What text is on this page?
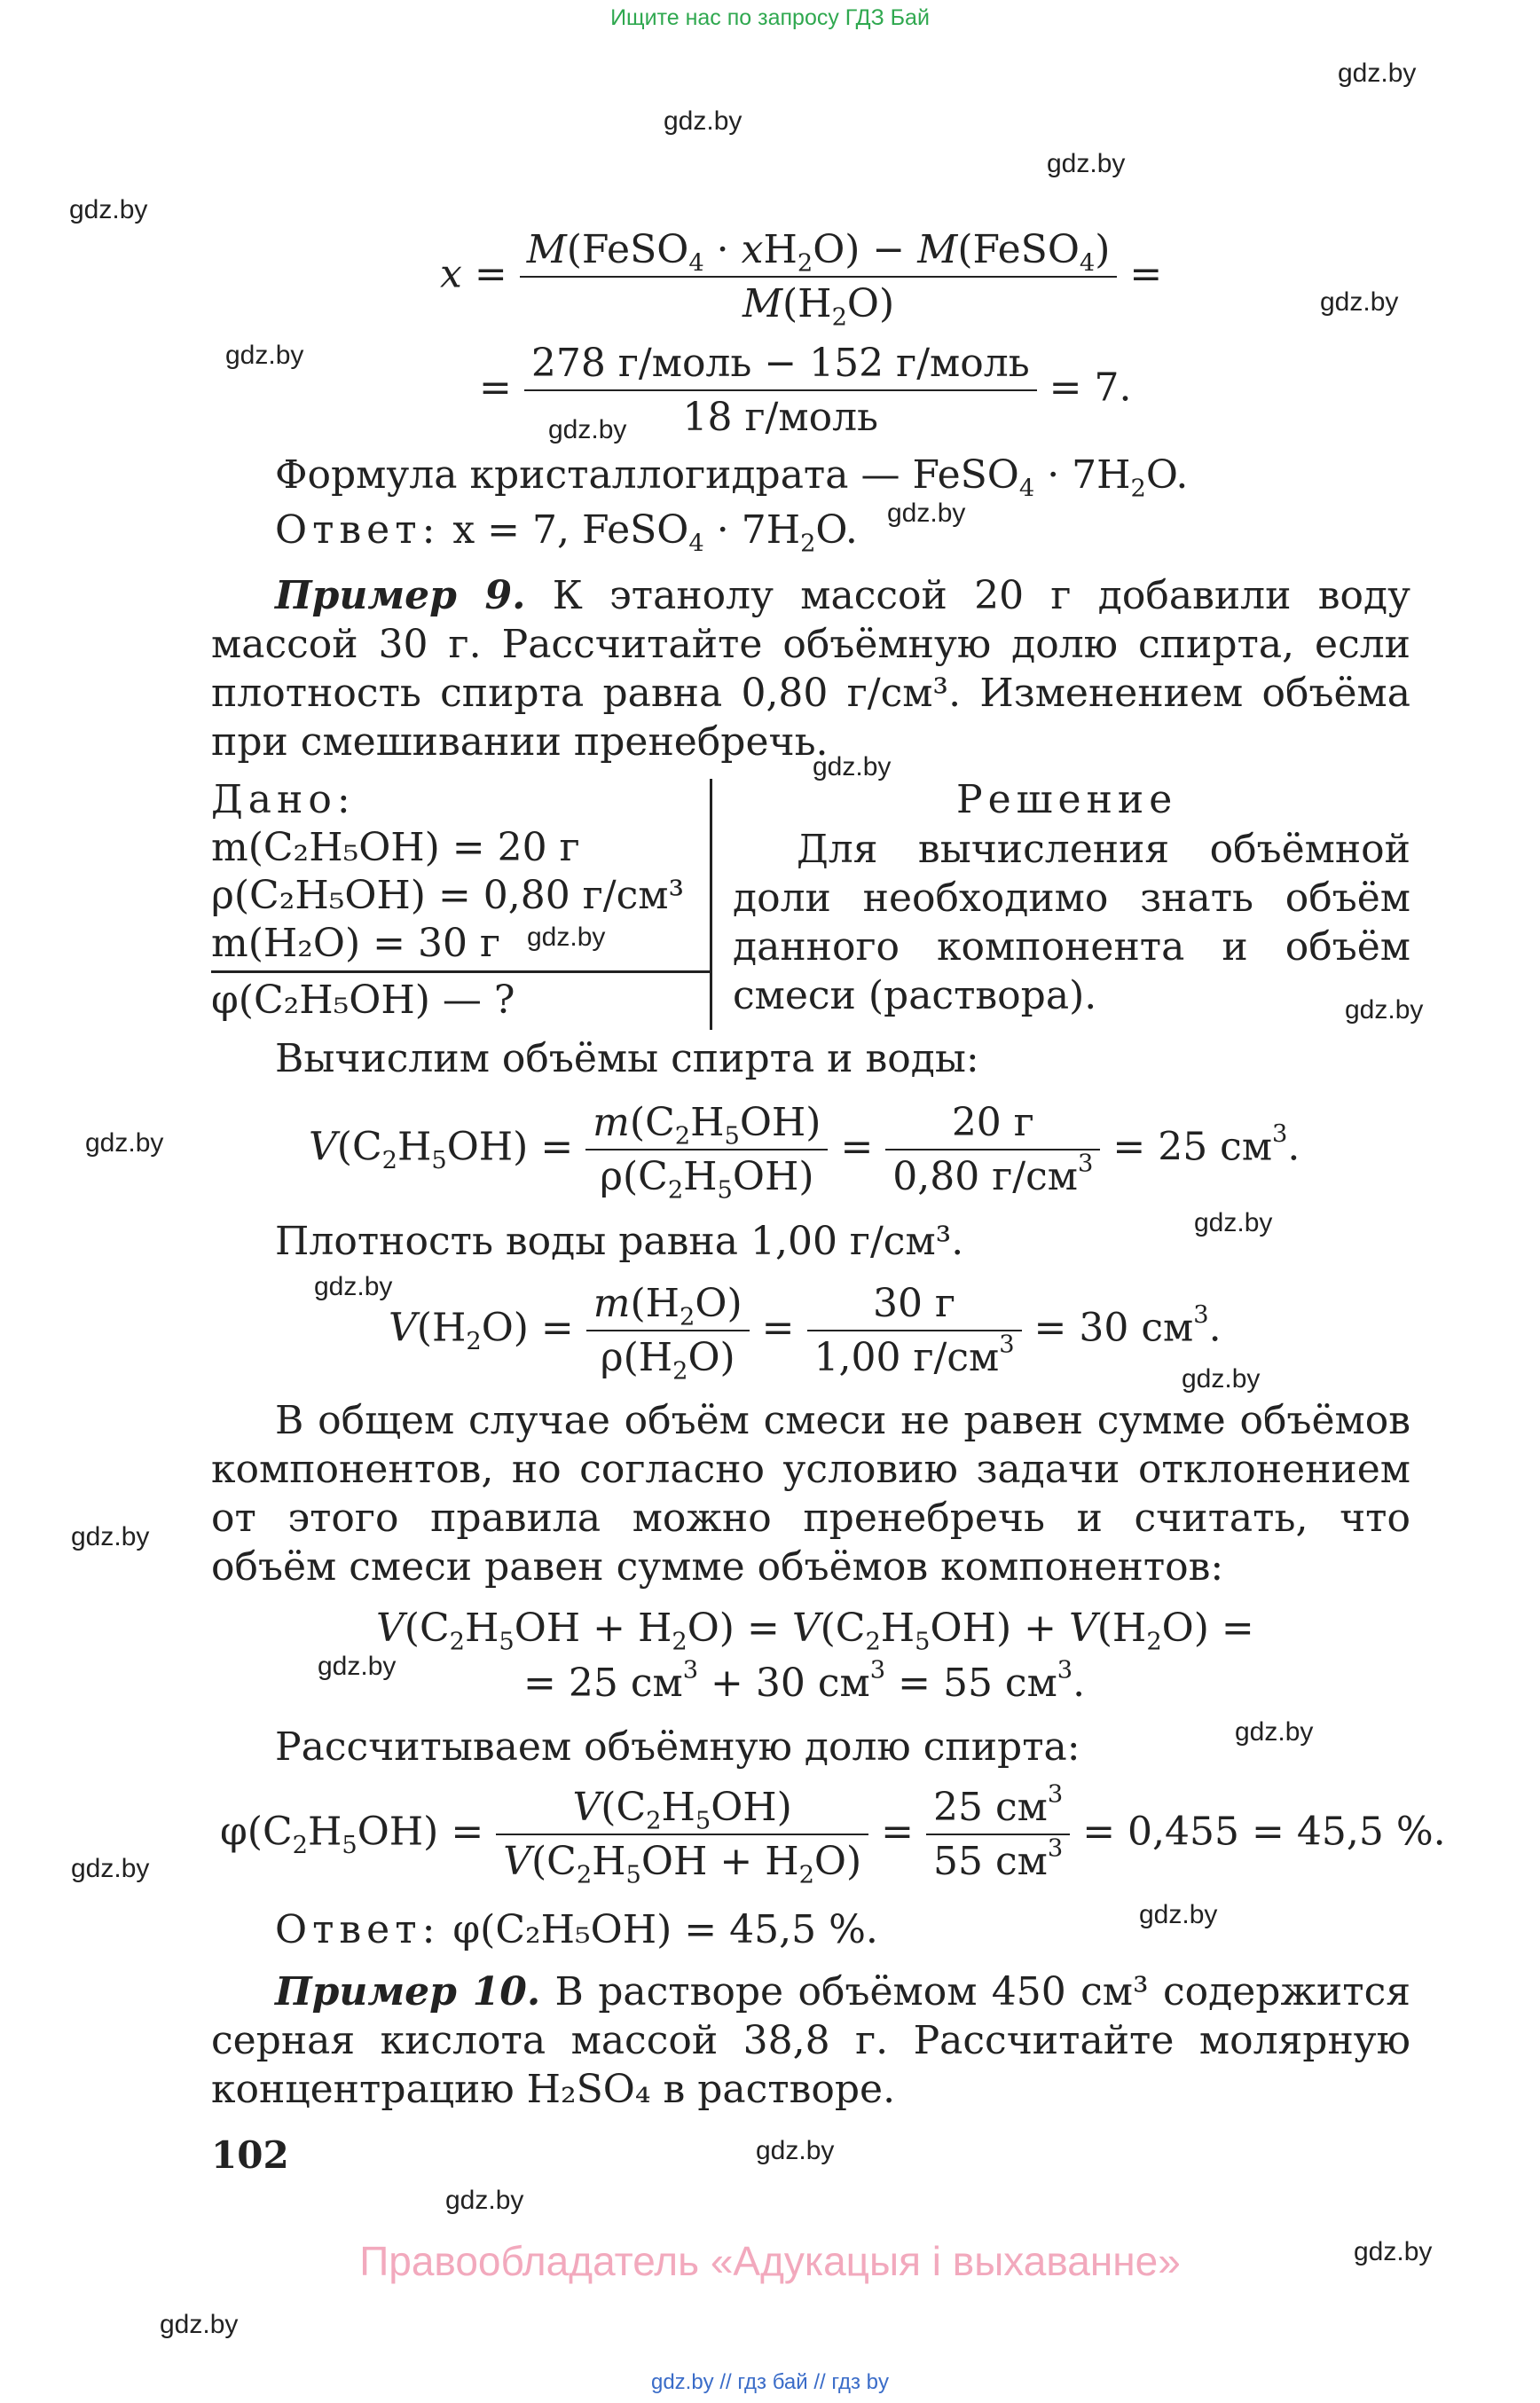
Ищите нас по запросу ГДЗ Бай
gdz.by
gdz.by
gdz.by
gdz.by
gdz.by
gdz.by
gdz.by
gdz.by
gdz.by
gdz.by
gdz.by
gdz.by
gdz.by
gdz.by
gdz.by
gdz.by
gdz.by
gdz.by
gdz.by
gdz.by
gdz.by
gdz.by
gdz.by
gdz.by
$x = \frac{M(FeSO_4 \cdot xH_2O) - M(FeSO_4)}{M(H_2O)}$ =
= $\frac{\text{278 г/моль − 152 г/моль}}{\text{18 г/моль}} = 7$.
Формула кристаллогидрата — FeSO$_4$ · $7H_2O$.
Ответ: x = 7, FeSO$_4$ · $7H_2O$.
Пример 9. К этанолу массой 20 г добавили воду массой 30 г. Рассчитайте объёмную долю спирта, если плотность спирта равна 0,80 г/см³. Изменением объёма при смешивании пренебречь.
Дано:
m(C₂H₅OH) = 20 г
ρ(C₂H₅OH) = 0,80 г/см³
m(H₂O) = 30 г
φ(C₂H₅OH) — ?
Решение
Для вычисления объёмной доли необходимо знать объём данного компонента и объём смеси (раствора).
Вычислим объёмы спирта и воды:
$V(C_2H_5OH) = \frac{m(C_2H_5OH)}{\rho(C_2H_5OH)} = \frac{20 г}{0,80 г/см^3} = 25$ $см^3$.
Плотность воды равна 1,00 г/см³.
$V(H_2O) = \frac{m(H_2O)}{\rho(H_2O)} = \frac{30 г}{1,00 г/см^3} = 30$ $см^3$.
В общем случае объём смеси не равен сумме объёмов компонентов, но согласно условию задачи отклонением от этого правила можно пренебречь и считать, что объём смеси равен сумме объёмов компонентов:
$V(C_2H_5OH + H_2O) = V(C_2H_5OH) + V(H_2O)$ =
= 25 $см^3 + 30$ $см^3 = 55$ $см^3$.
Рассчитываем объёмную долю спирта:
$\varphi(C_2H_5OH) = \frac{V(C_2H_5OH)}{V(C_2H_5OH + H_2O)} = \frac{25 см^3}{55 см^3} = 0,455 = 45,5$ %.
Ответ: φ(C₂H₅OH) = 45,5 %.
Пример 10. В растворе объёмом 450 см³ содержится серная кислота массой 38,8 г. Рассчитайте молярную концентрацию H₂SO₄ в растворе.
102
Правообладатель «Адукацыя і выхаванне»
gdz.by // гдз бай // гдз by
